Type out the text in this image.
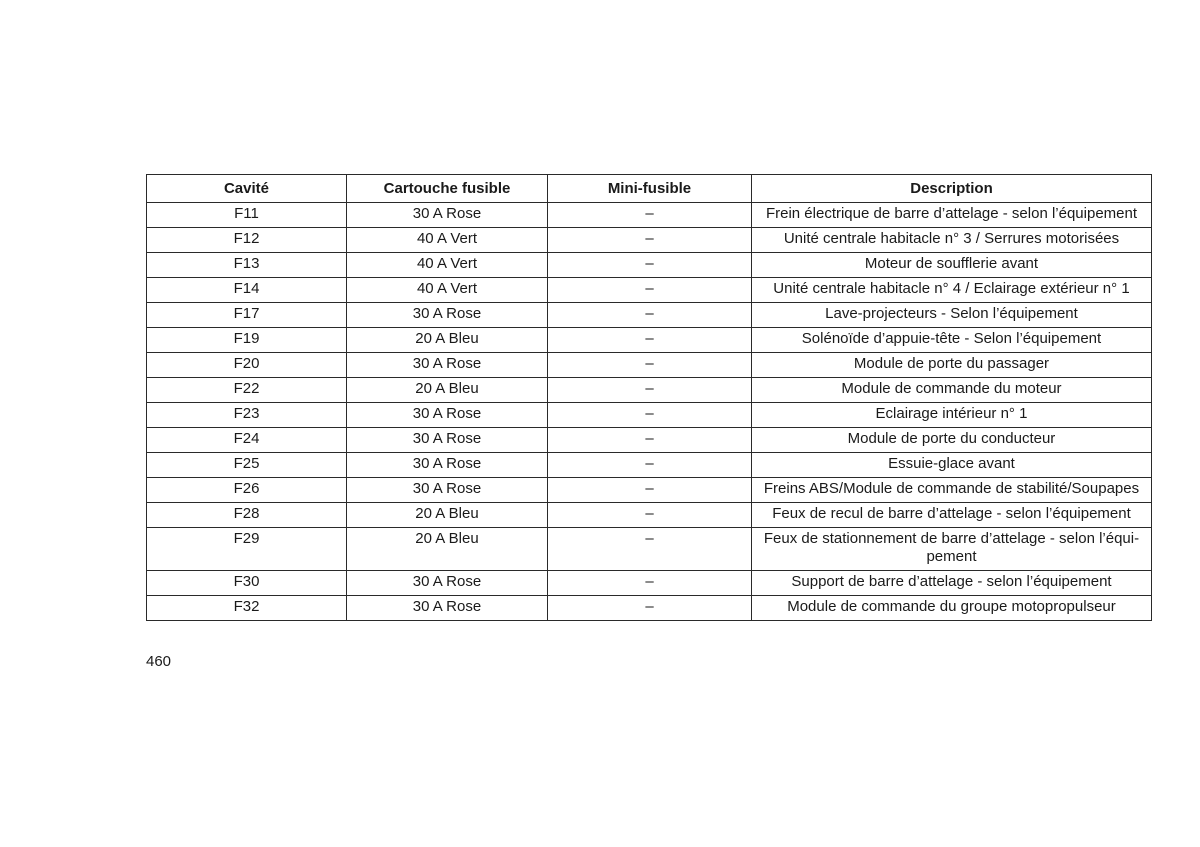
Cavité	Cartouche fusible	Mini-fusible	Description
F11	30 A Rose	–	Frein électrique de barre d’attelage - selon l’équipement
F12	40 A Vert	–	Unité centrale habitacle n° 3 / Serrures motorisées
F13	40 A Vert	–	Moteur de soufflerie avant
F14	40 A Vert	–	Unité centrale habitacle n° 4 / Eclairage extérieur n° 1
F17	30 A Rose	–	Lave-projecteurs - Selon l’équipement
F19	20 A Bleu	–	Solénoïde d’appuie-tête - Selon l’équipement
F20	30 A Rose	–	Module de porte du passager
F22	20 A Bleu	–	Module de commande du moteur
F23	30 A Rose	–	Eclairage intérieur n° 1
F24	30 A Rose	–	Module de porte du conducteur
F25	30 A Rose	–	Essuie-glace avant
F26	30 A Rose	–	Freins ABS/Module de commande de stabilité/Soupapes
F28	20 A Bleu	–	Feux de recul de barre d’attelage - selon l’équipement
F29	20 A Bleu	–	Feux de stationnement de barre d’attelage - selon l’équi-pement
F30	30 A Rose	–	Support de barre d’attelage - selon l’équipement
F32	30 A Rose	–	Module de commande du groupe motopropulseur
460
